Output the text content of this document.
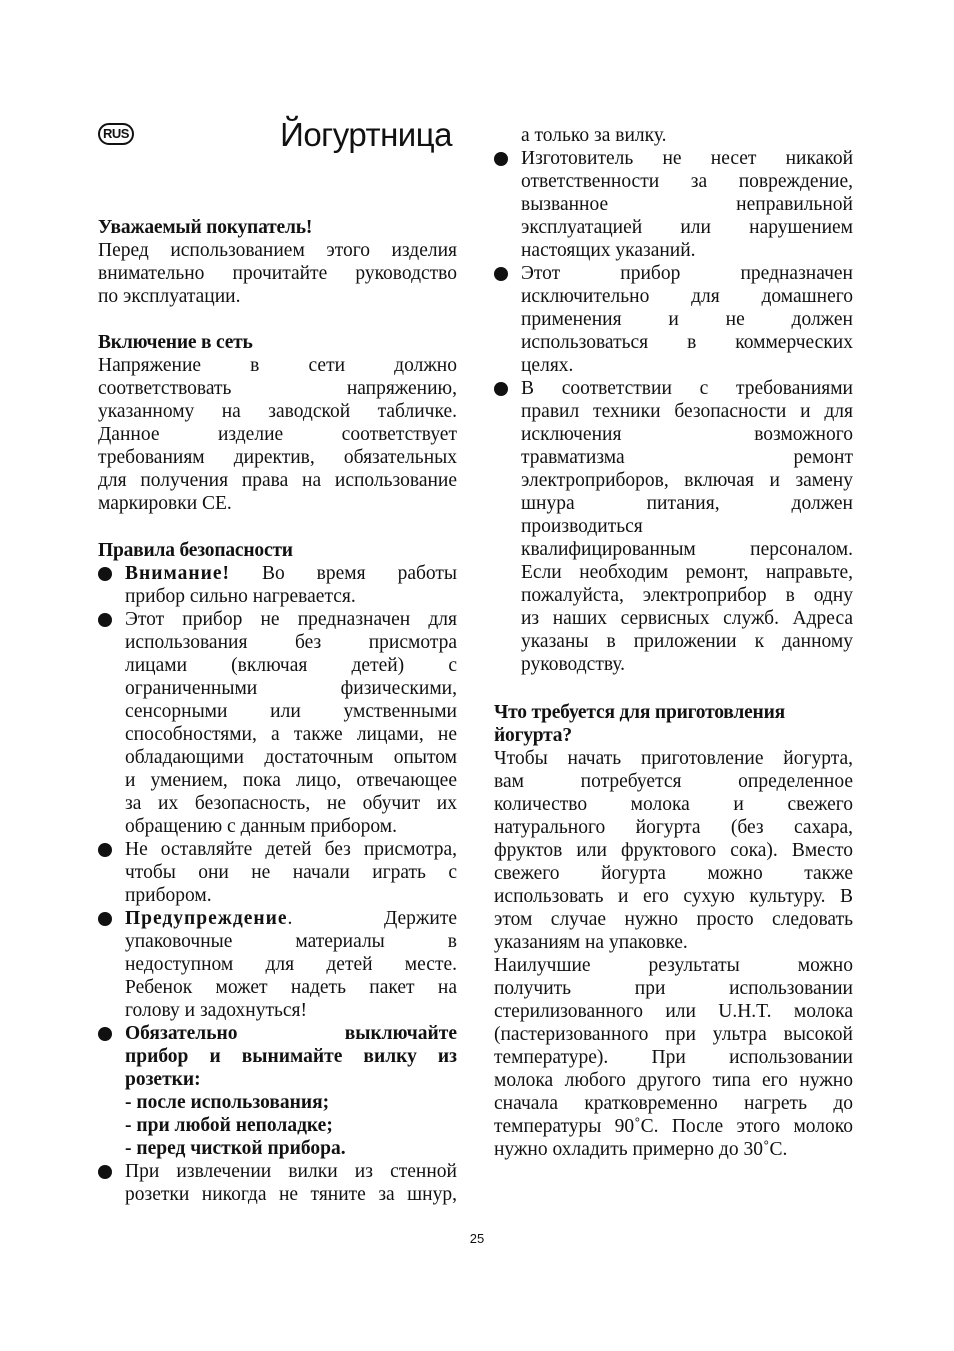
RUS	Йогуртница

Уважаемый покупатель!

Перед использованием этого изделия

внимательно прочитайте руководство

по эксплуатации.

Включение в сеть

Напряжение в сети должно

соответствовать напряжению,

указанному на заводской табличке.

Данное изделие соответствует

требованиям директив, обязательных

для получения права на использование

маркировки CE.

Правила безопасности

Внимание! Во время работы

прибор сильно нагревается.

Этот прибор не предназначен для

использования без присмотра

лицами (включая детей) с

ограниченными физическими,

сенсорными или умственными

способностями, а также лицами, не

обладающими достаточным опытом

и умением, пока лицо, отвечающее

за их безопасность, не обучит их

обращению с данным прибором.

Не оставляйте детей без присмотра,

чтобы они не начали играть с

прибором.

Предупреждение. Держите

упаковочные материалы в

недоступном для детей месте.

Ребенок может надеть пакет на

голову и задохнуться!

Обязательно выключайте

прибор и вынимайте вилку из

розетки:

- после использования;

- при любой неполадке;

- перед чисткой прибора.

При извлечении вилки из стенной

розетки никогда не тяните за шнур,

а только за вилку.

Изготовитель не несет никакой

ответственности за повреждение,

вызванное неправильной

эксплуатацией или нарушением

настоящих указаний.

Этот прибор предназначен

исключительно для домашнего

применения и не должен

использоваться в коммерческих

целях.

В соответствии с требованиями

правил техники безопасности и для

исключения возможного

травматизма ремонт

электроприборов, включая и замену

шнура питания, должен

производиться

квалифицированным персоналом.

Если необходим ремонт, направьте,

пожалуйста, электроприбор в одну

из наших сервисных служб. Адреса

указаны в приложении к данному

руководству.

Что требуется для приготовления

йогурта?

Чтобы начать приготовление йогурта,

вам потребуется определенное

количество молока и свежего

натурального йогурта (без сахара,

фруктов или фруктового сока). Вместо

свежего йогурта можно также

использовать и его сухую культуру. В

этом случае нужно просто следовать

указаниям на упаковке.

Наилучшие результаты можно

получить при использовании

стерилизованного или U.H.T. молока

(пастеризованного при ультра высокой

температуре). При использовании

молока любого другого типа его нужно

сначала кратковременно нагреть до

температуры 90˚C. После этого молоко

нужно охладить примерно до 30˚C.

25
